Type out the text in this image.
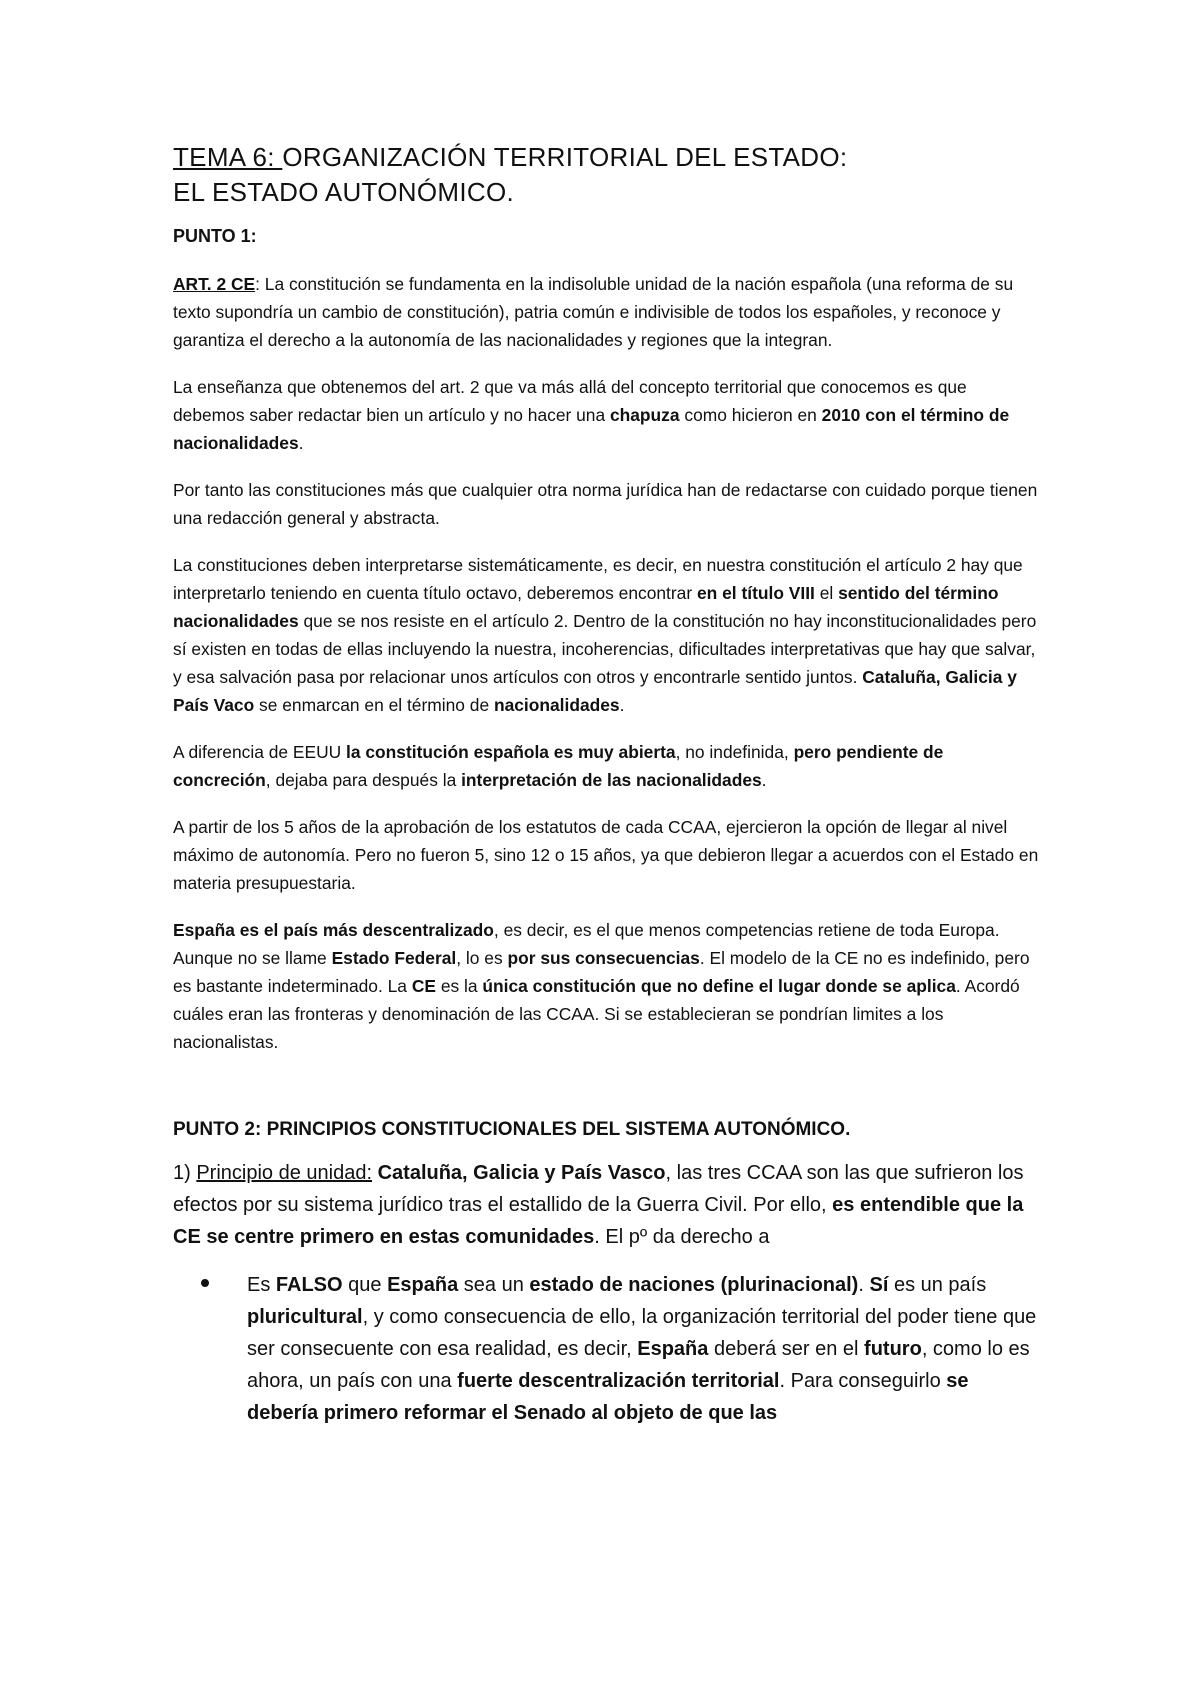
TEMA 6: ORGANIZACIÓN TERRITORIAL DEL ESTADO:
EL ESTADO AUTONÓMICO.
PUNTO 1:

ART. 2 CE: La constitución se fundamenta en la indisoluble unidad de la nación española (una reforma de su texto supondría un cambio de constitución), patria común e indivisible de todos los españoles, y reconoce y garantiza el derecho a la autonomía de las nacionalidades y regiones que la integran.

La enseñanza que obtenemos del art. 2 que va más allá del concepto territorial que conocemos es que debemos saber redactar bien un artículo y no hacer una chapuza como hicieron en 2010 con el término de nacionalidades.

Por tanto las constituciones más que cualquier otra norma jurídica han de redactarse con cuidado porque tienen una redacción general y abstracta.

La constituciones deben interpretarse sistemáticamente, es decir, en nuestra constitución el artículo 2 hay que interpretarlo teniendo en cuenta título octavo, deberemos encontrar en el título VIII el sentido del término nacionalidades que se nos resiste en el artículo 2. Dentro de la constitución no hay inconstitucionalidades pero sí existen en todas de ellas incluyendo la nuestra, incoherencias, dificultades interpretativas que hay que salvar, y esa salvación pasa por relacionar unos artículos con otros y encontrarle sentido juntos. Cataluña, Galicia y País Vaco se enmarcan en el término de nacionalidades.

A diferencia de EEUU la constitución española es muy abierta, no indefinida, pero pendiente de concreción, dejaba para después la interpretación de las nacionalidades.

A partir de los 5 años de la aprobación de los estatutos de cada CCAA, ejercieron la opción de llegar al nivel máximo de autonomía. Pero no fueron 5, sino 12 o 15 años, ya que debieron llegar a acuerdos con el Estado en materia presupuestaria.

España es el país más descentralizado, es decir, es el que menos competencias retiene de toda Europa. Aunque no se llame Estado Federal, lo es por sus consecuencias. El modelo de la CE no es indefinido, pero es bastante indeterminado. La CE es la única constitución que no define el lugar donde se aplica. Acordó cuáles eran las fronteras y denominación de las CCAA. Si se establecieran se pondrían limites a los nacionalistas.

PUNTO 2: PRINCIPIOS CONSTITUCIONALES DEL SISTEMA AUTONÓMICO.

1) Principio de unidad: Cataluña, Galicia y País Vasco, las tres CCAA son las que sufrieron los efectos por su sistema jurídico tras el estallido de la Guerra Civil. Por ello, es entendible que la CE se centre primero en estas comunidades. El pº da derecho a

Es FALSO que España sea un estado de naciones (plurinacional). Sí es un país pluricultural, y como consecuencia de ello, la organización territorial del poder tiene que ser consecuente con esa realidad, es decir, España deberá ser en el futuro, como lo es ahora, un país con una fuerte descentralización territorial. Para conseguirlo se debería primero reformar el Senado al objeto de que las
